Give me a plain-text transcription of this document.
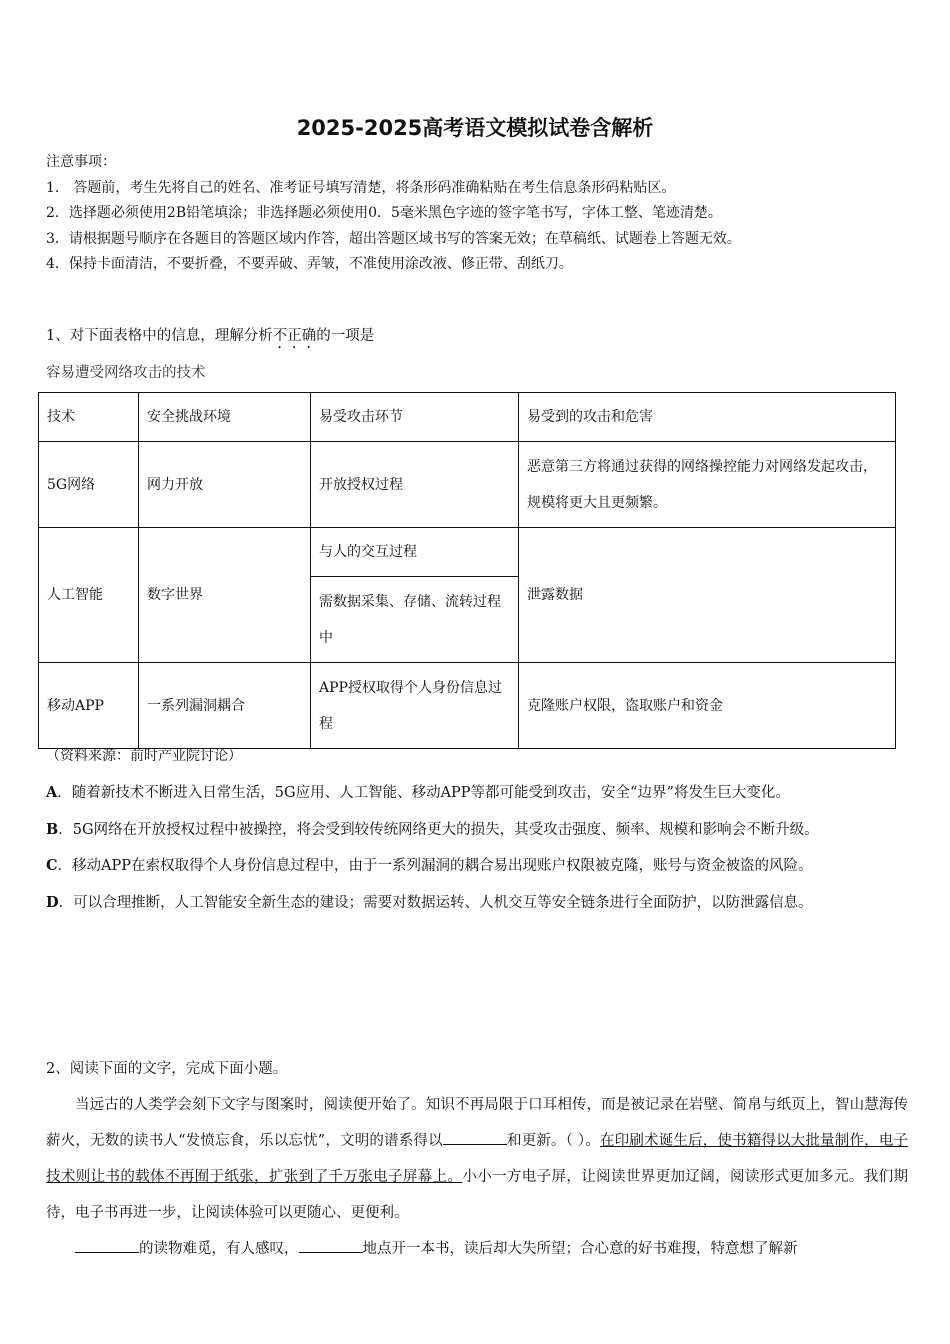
2025-2025高考语文模拟试卷含解析
注意事项：
1． 答题前，考生先将自己的姓名、准考证号填写清楚，将条形码准确粘贴在考生信息条形码粘贴区。
2．选择题必须使用2B铅笔填涂；非选择题必须使用0．5毫米黑色字迹的签字笔书写，字体工整、笔迹清楚。
3．请根据题号顺序在各题目的答题区域内作答，超出答题区域书写的答案无效；在草稿纸、试题卷上答题无效。
4．保持卡面清洁，不要折叠，不要弄破、弄皱，不准使用涂改液、修正带、刮纸刀。
1、对下面表格中的信息，理解分析不正确的一项是
容易遭受网络攻击的技术
技术	安全挑战环境	易受攻击环节	易受到的攻击和危害
5G网络	网力开放	开放授权过程	恶意第三方将通过获得的网络操控能力对网络发起攻击，规模将更大且更频繁。
人工智能	数字世界	与人的交互过程	泄露数据
		需数据采集、存储、流转过程中	
移动APP	一系列漏洞耦合	APP授权取得个人身份信息过程	克隆账户权限，盗取账户和资金
（资料来源：前时产业院讨论）

A．随着新技术不断进入日常生活，5G应用、人工智能、移动APP等都可能受到攻击，安全“边界”将发生巨大变化。

B．5G网络在开放授权过程中被操控，将会受到较传统网络更大的损失，其受攻击强度、频率、规模和影响会不断升级。

C．移动APP在索权取得个人身份信息过程中，由于一系列漏洞的耦合易出现账户权限被克隆，账号与资金被盗的风险。

D．可以合理推断，人工智能安全新生态的建设；需要对数据运转、人机交互等安全链条进行全面防护，以防泄露信息。

2、阅读下面的文字，完成下面小题。

当远古的人类学会刻下文字与图案时，阅读便开始了。知识不再局限于口耳相传，而是被记录在岩壁、简帛与纸页上，智山慧海传薪火，无数的读书人“发愤忘食，乐以忘忧”，文明的谱系得以	和更新。（ ）。在印刷术诞生后，使书籍得以大批量制作，电子技术则让书的载体不再囿于纸张，扩张到了千万张电子屏幕上。小小一方电子屏，让阅读世界更加辽阔，阅读形式更加多元。我们期待，电子书再进一步，让阅读体验可以更随心、更便利。

的读物难觅，有人感叹，	地点开一本书，读后却大失所望；合心意的好书难搜，特意想了解新
